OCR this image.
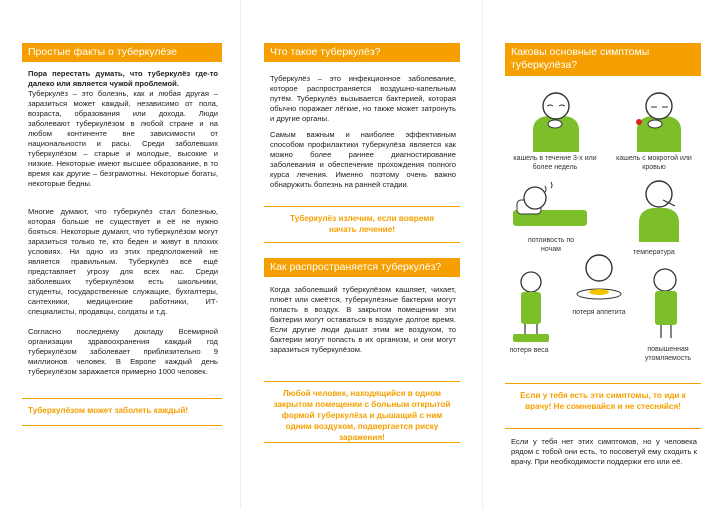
Простые факты о туберкулёзе

Пора перестать думать, что туберкулёз где-то далеко или является чужой проблемой.

Туберкулёз – это болезнь, как и любая другая – заразиться может каждый, независимо от пола, возраста, образования или дохода. Люди заболевают туберкулёзом в любой стране и на любом континенте вне зависимости от национальности и расы. Среди заболевших туберкулёзом – старые и молодые, высокие и низкие. Некоторые имеют высшее образование, в то время как другие – безграмотны. Некоторые богаты, некоторые бедны.

Многие думают, что туберкулёз стал болезнью, которая больше не существует и её не нужно бояться. Некоторые думают, что туберкулёзом могут заразиться только те, кто беден и живут в плохих условиях. Ни одно из этих предположений не является правильным. Туберкулёз всё ещё представляет угрозу для всех нас. Среди заболевших туберкулёзом есть школьники, студенты, государственные служащие, бухгалтеры, сантехники, медицинские работники, ИТ-специалисты, продавцы, солдаты и т.д.

Согласно последнему докладу Всемирной организации здравоохранения каждый год туберкулёзом заболевает приблизительно 9 миллионов человек. В Европе каждый день туберкулёзом заражается примерно 1000 человек.

Туберкулёзом может заболеть каждый!

Что такое туберкулёз?

Туберкулёз – это инфекционное заболевание, которое распространяется воздушно-капельным путём. Туберкулёз вызывается бактерией, которая обычно поражает лёгкие, но также может затронуть и другие органы.

Самым важным и наиболее эффективным способом профилактики туберкулёза является как можно более раннее диагностирование заболевания и обеспечение прохождения полного курса лечения. Именно поэтому очень важно обнаружить болезнь на ранней стадии.

Туберкулёз излечим, если вовремя начать лечение!

Как распространяется туберкулёз?

Когда заболевший туберкулёзом кашляет, чихает, плюёт или смеётся, туберкулёзные бактерии могут попасть в воздух. В закрытом помещении эти бактерии могут оставаться в воздухе долгое время. Если другие люди дышат этим же воздухом, то бактерии могут попасть в их организм, и они могут заразиться туберкулёзом.

Любой человек, находящийся в одном закрытом помещении с больным открытой формой туберкулёза и дышащий с ним одним воздухом, подвергается риску заражения!

Каковы основные симптомы туберкулёза?
кашель в течение 3-х или более недель
кашель с мокротой или кровью
потливость по ночам	температура
потеря аппетита
потеря веса	повышенная утомляемость

Если у тебя есть эти симптомы, то иди к врачу! Не сомневайся и не стесняйся!

Если у тебя нет этих симптомов, но у человека рядом с тобой они есть, то посоветуй ему сходить к врачу. При необходимости поддержи его или её.
